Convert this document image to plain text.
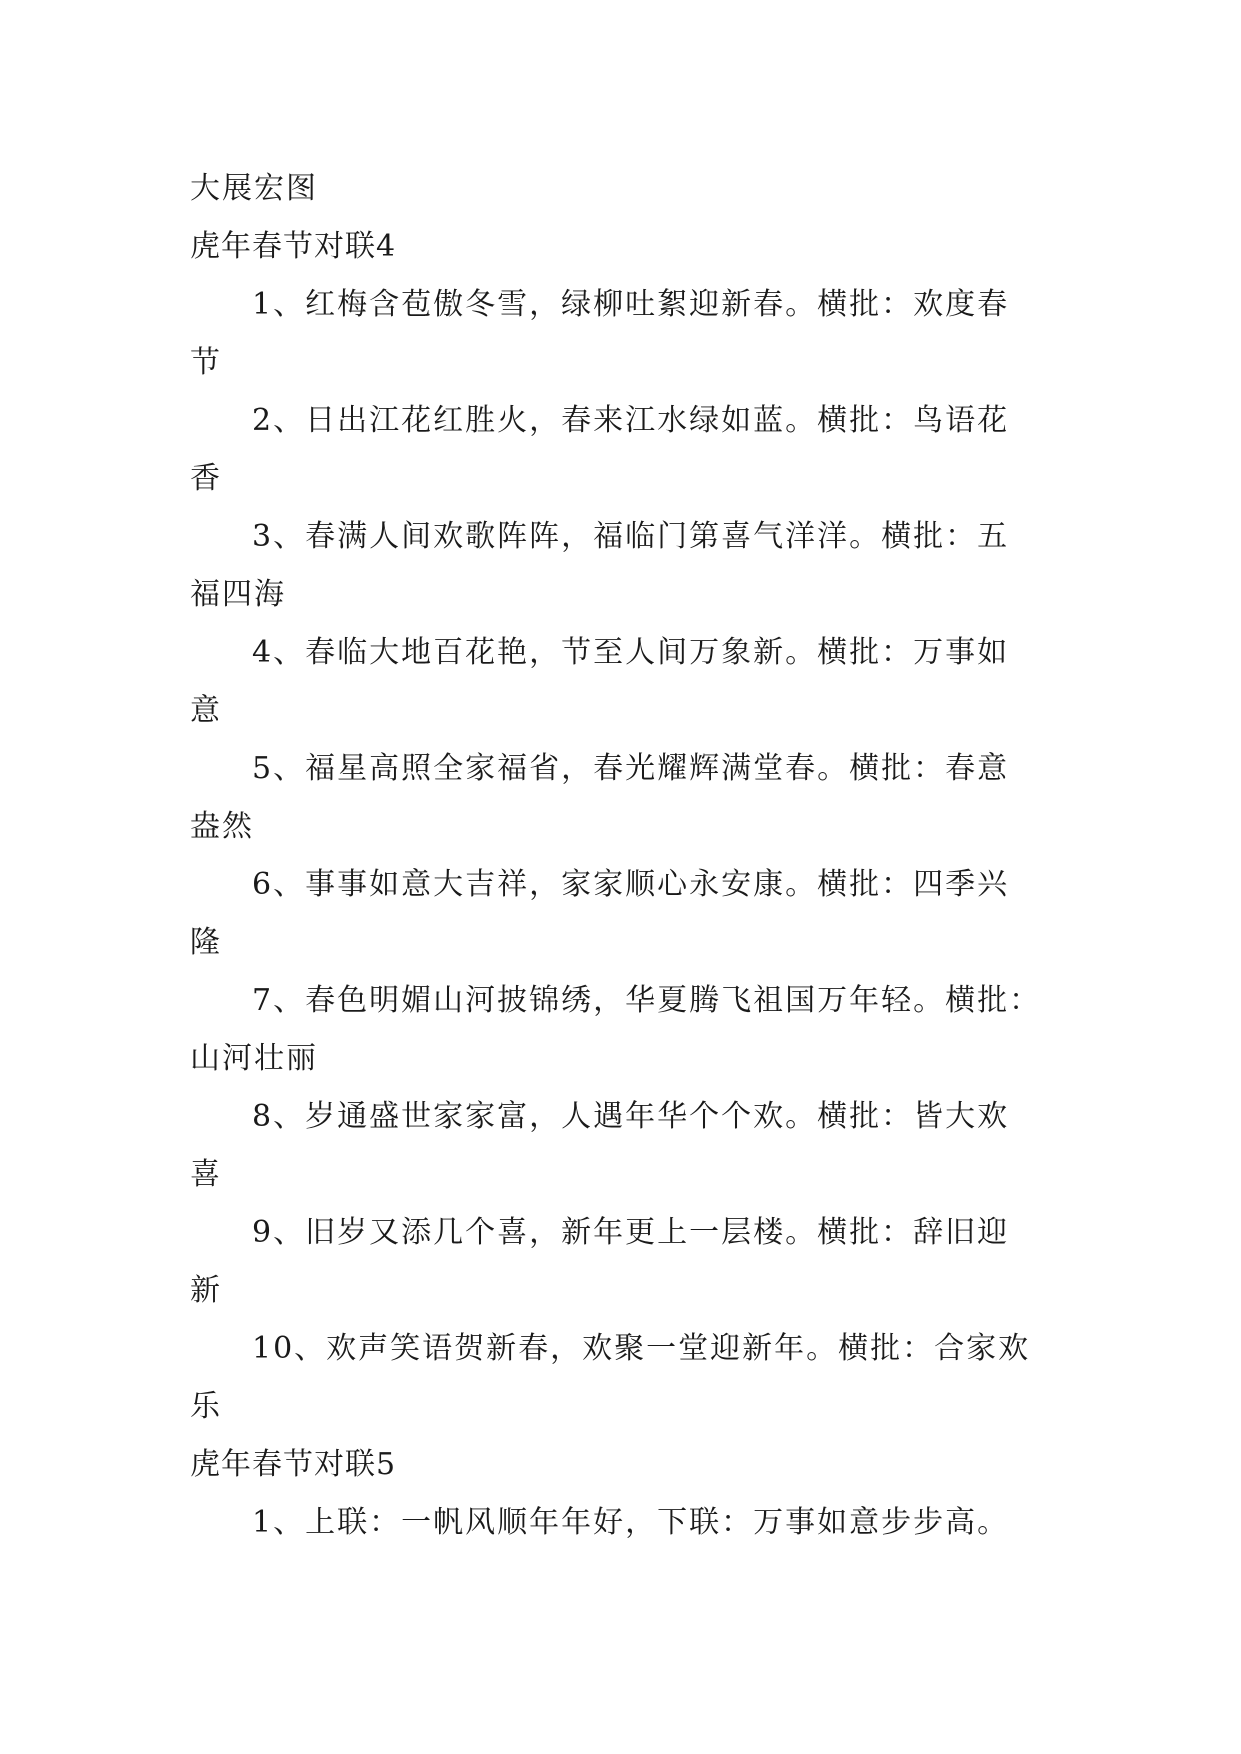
大展宏图
虎年春节对联4
1、红梅含苞傲冬雪，绿柳吐絮迎新春。横批：欢度春
节
2、日出江花红胜火，春来江水绿如蓝。横批：鸟语花
香
3、春满人间欢歌阵阵，福临门第喜气洋洋。横批：五
福四海
4、春临大地百花艳，节至人间万象新。横批：万事如
意
5、福星高照全家福省，春光耀辉满堂春。横批：春意
盎然
6、事事如意大吉祥，家家顺心永安康。横批：四季兴
隆
7、春色明媚山河披锦绣，华夏腾飞祖国万年轻。横批：
山河壮丽
8、岁通盛世家家富，人遇年华个个欢。横批：皆大欢
喜
9、旧岁又添几个喜，新年更上一层楼。横批：辞旧迎
新
10、欢声笑语贺新春，欢聚一堂迎新年。横批：合家欢
乐
虎年春节对联5
1、上联：一帆风顺年年好，下联：万事如意步步高。
